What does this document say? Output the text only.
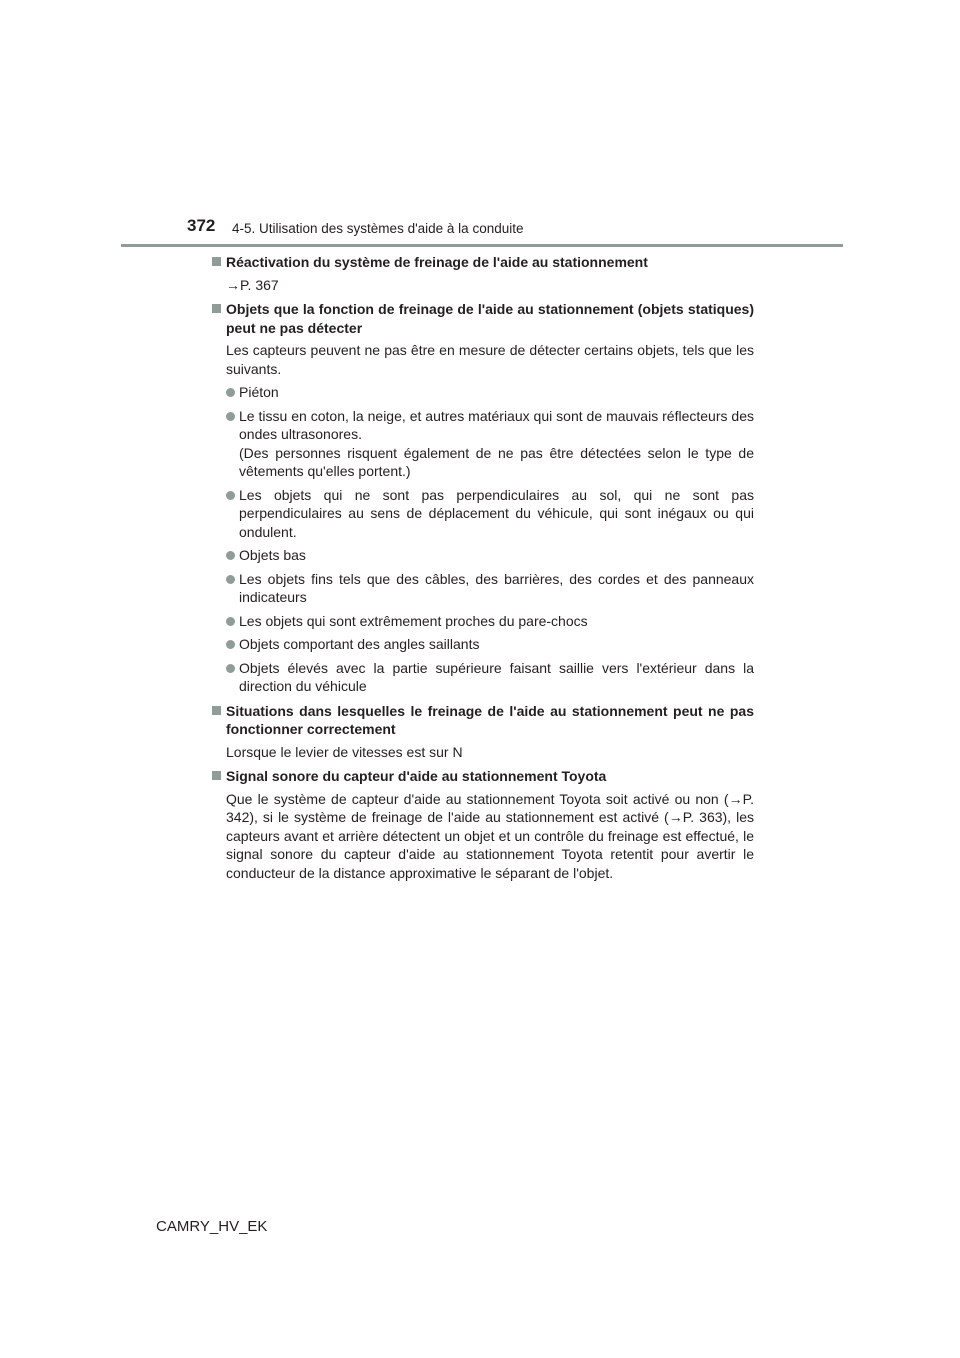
372 4-5. Utilisation des systèmes d'aide à la conduite
Réactivation du système de freinage de l'aide au stationnement
→P. 367
Objets que la fonction de freinage de l'aide au stationnement (objets statiques) peut ne pas détecter
Les capteurs peuvent ne pas être en mesure de détecter certains objets, tels que les suivants.
Piéton
Le tissu en coton, la neige, et autres matériaux qui sont de mauvais réflecteurs des ondes ultrasonores.
(Des personnes risquent également de ne pas être détectées selon le type de vêtements qu'elles portent.)
Les objets qui ne sont pas perpendiculaires au sol, qui ne sont pas perpendiculaires au sens de déplacement du véhicule, qui sont inégaux ou qui ondulent.
Objets bas
Les objets fins tels que des câbles, des barrières, des cordes et des panneaux indicateurs
Les objets qui sont extrêmement proches du pare-chocs
Objets comportant des angles saillants
Objets élevés avec la partie supérieure faisant saillie vers l'extérieur dans la direction du véhicule
Situations dans lesquelles le freinage de l'aide au stationnement peut ne pas fonctionner correctement
Lorsque le levier de vitesses est sur N
Signal sonore du capteur d'aide au stationnement Toyota
Que le système de capteur d'aide au stationnement Toyota soit activé ou non (→P. 342), si le système de freinage de l'aide au stationnement est activé (→P. 363), les capteurs avant et arrière détectent un objet et un contrôle du freinage est effectué, le signal sonore du capteur d'aide au stationnement Toyota retentit pour avertir le conducteur de la distance approximative le séparant de l'objet.
CAMRY_HV_EK
